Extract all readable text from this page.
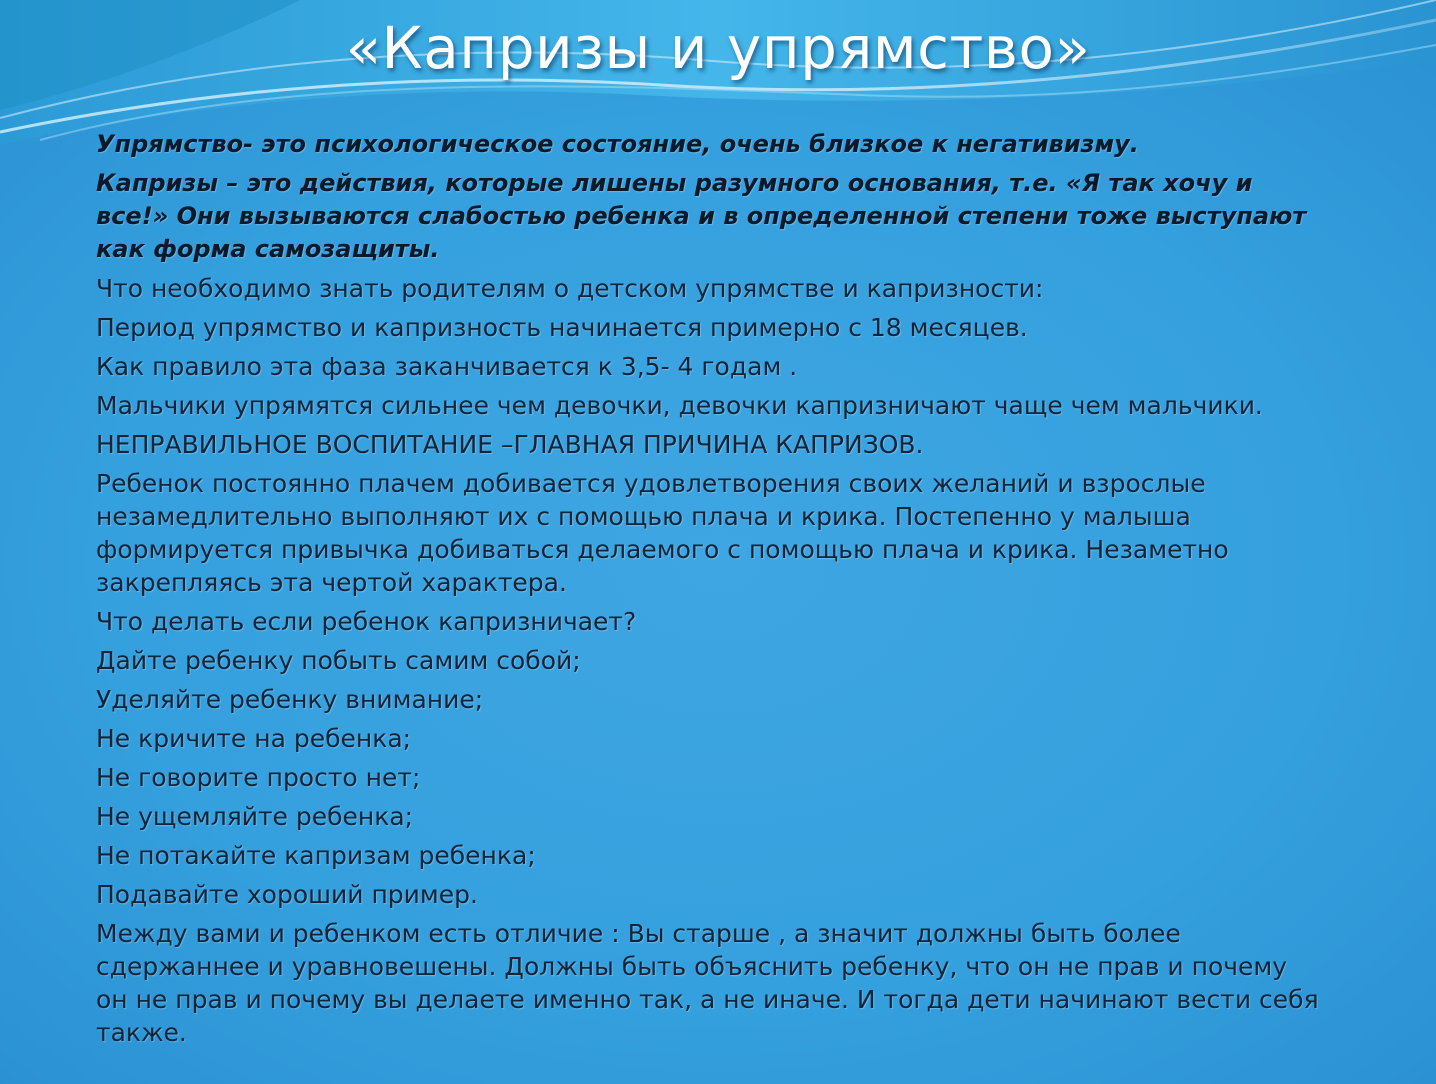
«Капризы и упрямство»

Упрямство- это психологическое состояние, очень близкое к негативизму.

Капризы – это действия, которые лишены разумного основания, т.е. «Я так хочу и все!» Они вызываются слабостью ребенка и в определенной степени тоже выступают как форма самозащиты.

Что необходимо знать родителям о детском упрямстве и капризности:

Период упрямство и капризность начинается примерно с 18 месяцев.

Как правило эта фаза заканчивается к 3,5- 4 годам .

Мальчики упрямятся сильнее чем девочки, девочки капризничают чаще чем мальчики.

НЕПРАВИЛЬНОЕ ВОСПИТАНИЕ –ГЛАВНАЯ ПРИЧИНА КАПРИЗОВ.

Ребенок постоянно плачем добивается удовлетворения своих желаний и взрослые незамедлительно выполняют их с помощью плача и крика. Постепенно у малыша формируется привычка добиваться делаемого с помощью плача и крика. Незаметно закрепляясь эта чертой характера.

Что делать если ребенок капризничает?

Дайте ребенку побыть самим собой;

Уделяйте ребенку внимание;

Не кричите на ребенка;

Не говорите просто нет;

Не ущемляйте ребенка;

Не потакайте капризам ребенка;

Подавайте хороший пример.

Между вами и ребенком есть отличие : Вы старше , а значит должны быть более сдержаннее и уравновешены. Должны быть объяснить ребенку, что он не прав и почему он не прав и почему вы делаете именно так, а не иначе. И тогда дети начинают вести себя также.
